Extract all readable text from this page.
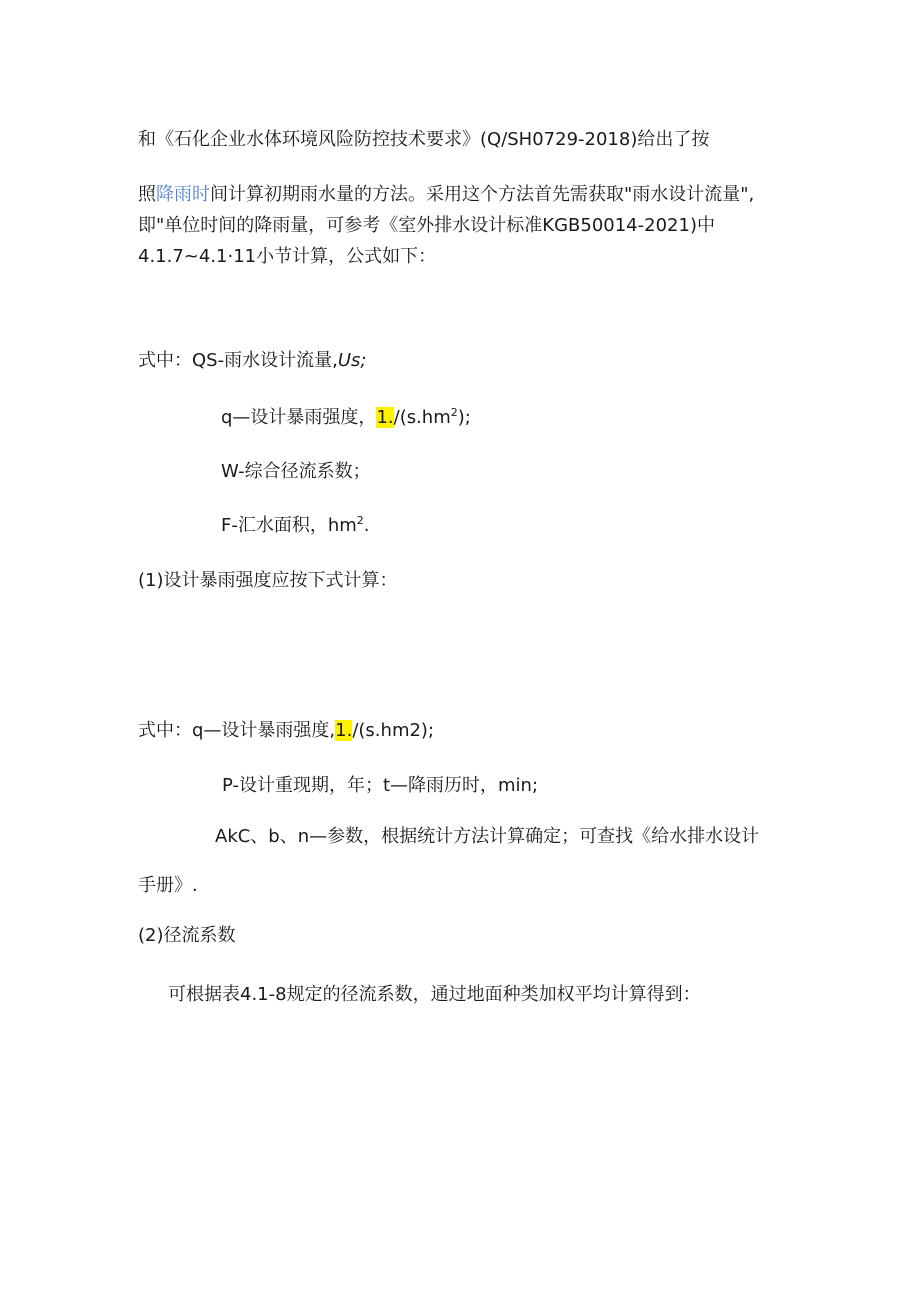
和《石化企业水体环境风险防控技术要求》(Q/SH0729-2018)给出了按
照降雨时间计算初期雨水量的方法。采用这个方法首先需获取"雨水设计流量",
即"单位时间的降雨量，可参考《室外排水设计标准KGB50014-2021)中
4.1.7~4.1·11小节计算，公式如下：
式中：QS-雨水设计流量,Us;
q—设计暴雨强度，$1./(s.hm^2)$;
W-综合径流系数；
F-汇水面积，$hm^2$.
(1)设计暴雨强度应按下式计算：
式中：q—设计暴雨强度,1./(s.hm2);
P-设计重现期，年；t—降雨历时，min;
AkC、b、n—参数，根据统计方法计算确定；可查找《给水排水设计
手册》.
(2)径流系数
可根据表4.1-8规定的径流系数，通过地面种类加权平均计算得到：
